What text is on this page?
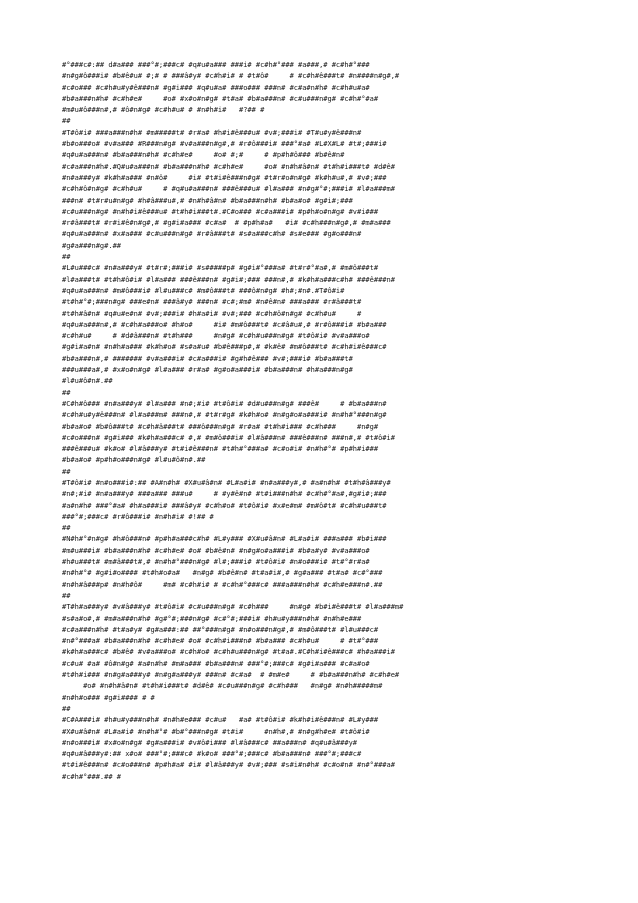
#°###c#:## d#a### ###°#;###c# #q#u#a### ###i# #c#h#°### #a###,# #c#h#°###
#n#g#ô###i# #b#ê#u# #;# # ###â#y# #c#h#i# # #t#ô#     # #c#h#ê###t# #n####n#g#,#
#c#o### #c#h#u#y#ê###n# #g#i### #q#u#a# ###o### ###n# #c#a#n#h# #c#h#u#a#
#b#a###n#h# #c#h#e#     #o# #x#o#n#g# #t#a# #b#a###n# #c#u###n#g# #c#h#°#a#
#m#u#ô###n#,# #ô#n#g# #c#h#u# # #n#h#i#   #?## #
##
#T#ô#i# ###a###n#h# #m#####t# #r#a# #h#i#ê###u# #v#;###i# #T#u#y#ê###n#
#b#o###o# #v#a### #R###n#g# #v#a###n#g#,# #r#ô###i# ###°#a# #L#X#L# #t#;###i#
#q#u#a###n# #b#a###n#h# #c#h#e#     #o# #;#     # #p#h#ô### #b#ê#n#
#c#a###n#h#.#Q#u#a###n# #b#a###n#h# #c#h#e#     #o# #n#h#â#n# #t#h#i###t# #d#ê#
#n#a###y# #k#h#a### #n#ô#     #i# #t#i#ê###n#g# #t#r#o#n#g# #k#h#u#,# #v#;###
#c#h#ô#n#g# #c#h#u#     # #q#u#a###n# ###ê###u# #l#a### #n#g#°#;###i# #l#a###m#
###n# #t#r#u#n#g# #h#â###u#,# #n#h#â#n# #b#a###n#h# #b#a#o# #g#i#;###
#c#u###n#g# #n#h#i#ê###u# #t#h#i###t#.#C#o### #c#a###i# #p#h#o#n#g# #v#i###
#r#â###t# #r#i#ê#n#g#,# #g#i#a### #c#a#  # #p#h#a#   #i# #c#h###n#g#,# #m#a###
#q#u#a###n# #x#a### #c#u###n#g# #r#â###t# #s#a###c#h# #s#e### #g#o###n#
#g#a###n#g#.##
##
#L#u###c# #n#a###y# #t#r#;###i# #s#####p# #g#i#°###a# #t#r#°#a#,# #m#ô###t#
#l#a###t# #t#h#ô#i# #l#a### ###ê###n# #g#i#;### ###n#,# #k#h#a###c#h# ###ê###n#
#q#u#a###n# #m#ô###i# #l#u###c# #m#ô###t# ###ô#n#g# #h#;#n#.#T#ô#i#
#t#h#°#;###n#g# ###e#n# ###â#y# ###n# #c#;#m# #n#ê#n# ###a### #r#â###t#
#t#h#â#n# #q#u#e#n# #v#;###i# #h#a#i# #v#;### #c#h#ô#n#g# #c#h#u#     #
#q#u#a###n#,# #c#h#a###o# #h#o#     #i# #m#ô###t# #c#â#u#,# #r#ô###i# #b#a###
#c#h#u#     # #d#â###n# #t#h###     #n#g# #c#h#u###n#g# #t#ô#i# #v#a###o#
#g#i#a#n# #n#h#a### #k#h#o# #s#a#u# #b#ê###p#,# #k#ê# #m#ô###t# #c#h#i#ê###c#
#b#a###n#,# ####### #v#a###i# #c#a###i# #g#h#ê### #v#;###i# #b#a###t#
###u###a#,# #x#o#n#g# #l#a### #r#a# #g#o#a###i# #b#a###n# #h#a###n#g#
#l#u#ô#n#.##
##
#C#h#ô### #n#a###y# #l#a### #n#;#i# #t#ô#i# #d#u###n#g# ###ê#     # #b#a###n#
#c#h#u#y#ê###n# #l#a###m# ###n#,# #t#r#g# #k#h#o# #n#g#o#a###i# #n#h#°###n#g#
#b#a#o# #b#ô###t# #c#h#â###t# ###ô###n#g# #r#a# #t#h#i### #c#h###     #n#g#
#c#o###n# #g#i### #k#h#a###c# #,# #m#ô###i# #l#â###n# ###ê###n# ###n#,# #t#ô#i#
###ê###u# #k#o# #l#â###y# #t#i#ê###n# #t#h#°###a# #c#o#i# #n#h#°# #p#h#i###
#b#a#o# #p#h#o###n#g# #l#u#ô#n#.##
##
#T#ô#i# #n#o###i#:## #A#n#h# #X#u#â#n# #L#a#i# #n#a###y#,# #a#n#h# #t#h#â###y#
#n#;#i# #n#a###y# ###a### ###u#     # #y#ê#n# #t#i###n#h# #c#h#°#a#,#g#i#;###
#a#n#h# ###°#a# #h#a###i# ###â#y# #c#h#o# #t#ô#i# #x#e#m# #m#ô#t# #c#h#u###t#
###°#;###c# #r#ô###i# #n#h#i# #!## #
##
#N#h#°#n#g# #h#ô###n# #p#h#a###c#h# #L#y### #X#u#â#n# #L#a#i# ###a### #b#i###
#m#u###i# #b#a###n#h# #c#h#e# #o# #b#ê#n# #n#g#o#a###i# #b#a#y# #v#a###o#
#h#u###t# #m#â###t#,# #n#h#°###n#g# #l#;###i# #t#ô#i# #n#o###i# #t#°#r#a#
#n#h#°# #g#i#o#### #t#h#o#a#   #n#g# #b#ê#n# #t#a#i#,# #g#a### #t#a# #c#°###
#n#h#â###p# #n#h#ô#     #m# #c#h#i# # #c#h#°###c# ###a###n#h# #c#h#e###n#.##
##
#T#h#a###y# #v#â###y# #t#ô#i# #c#u###n#g# #c#h###     #n#g# #b#i#ê###t# #l#a###m#
#s#a#o#,# #m#a###n#h# #g#°#;###n#g# #c#°#;###i# #h#u#y###n#h# #n#h#e###
#c#a###n#h# #t#a#y# #g#a###:## ##°###n#g# #n#o###n#g#,# #m#ô###t# #l#u###c#
#n#°###a# #b#a###n#h# #c#h#e# #o# #c#h#i###n# #b#a### #c#h#u#     # #t#°###
#k#h#a###c# #b#ê# #v#a###o# #c#h#o# #c#h#u###n#g# #t#a#.#C#h#i#ê###c# #h#a###i#
#c#u# #a# #ô#n#g# #a#n#h# #m#a### #b#a###n# ###°#;###c# #g#i#a### #c#a#o#
#t#h#i### #n#g#a###y# #n#g#a###y# ###n# #c#a#  # #m#e#     # #b#a###n#h# #c#h#e#
#o# #n#h#â#n# #t#h#i###t# #d#ê# #c#u###n#g# #c#h###   #n#g# #n#h#####m#
#n#h#o### #g#i#### # #
##
#C#A###i# #h#u#y###n#h# #n#h#e### #c#u#   #a# #t#ô#i# #k#h#i#ê###n# #L#y###
#X#u#â#n# #L#a#i# #n#h#°# #b#°###n#g# #t#i#     #n#h#,# #n#g#h#e# #t#ô#i#
#n#o###i# #x#o#n#g# #g#a###i# #v#ô#i### #l#â###c# ##a###n# #q#u#â###y#
#q#u#â###y#:## x#o# ###°#;###c# #k#o# ###°#;###c# #b#a###n# ###°#;###c#
#t#i#ê###n# #c#o###n# #p#h#a# #i# #l#â###y# #v#;### #s#i#n#h# #c#o#n# #n#°###a#
#c#h#°###.## #
